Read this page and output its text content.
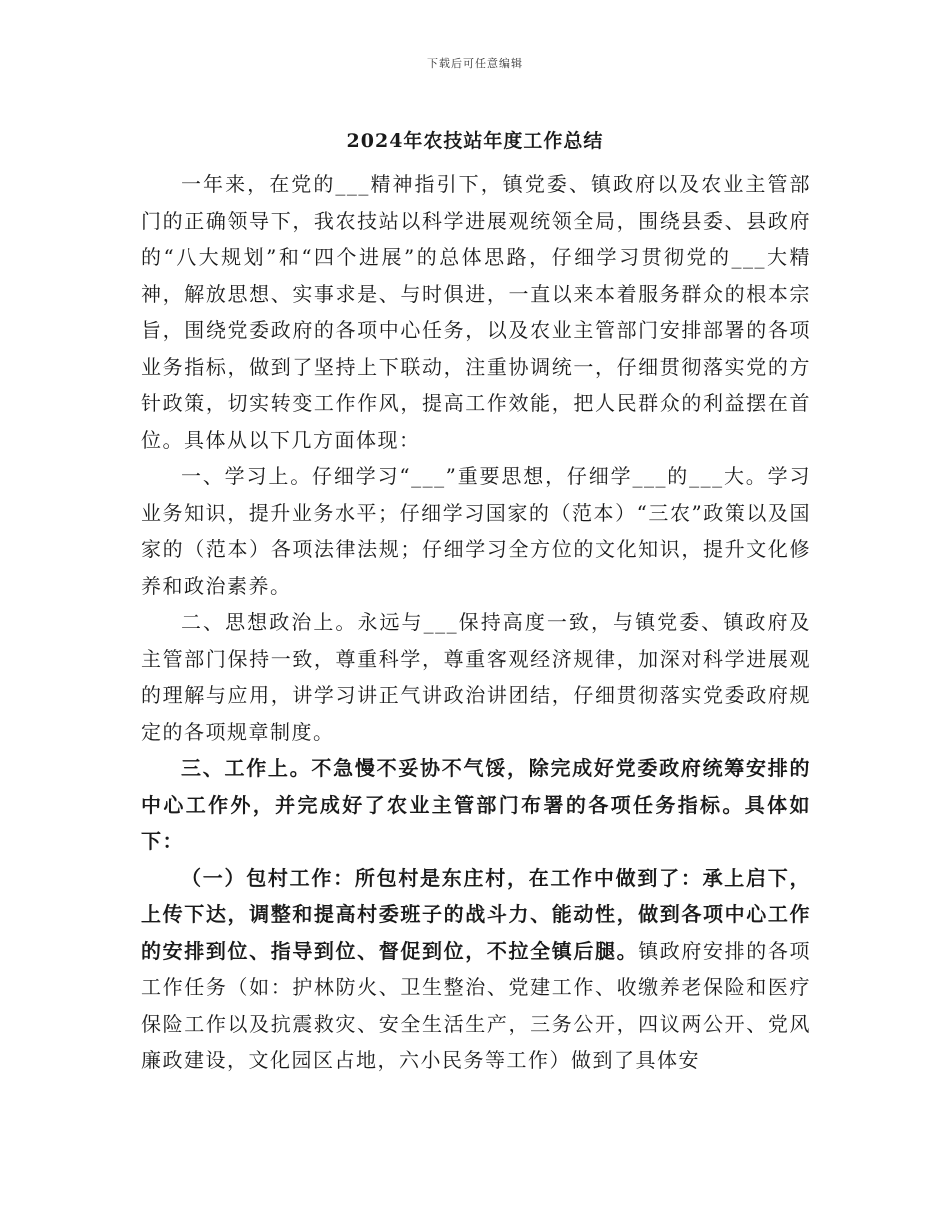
下载后可任意编辑
2024年农技站年度工作总结

一年来，在党的___精神指引下，镇党委、镇政府以及农业主管部门的正确领导下，我农技站以科学进展观统领全局，围绕县委、县政府的“八大规划”和“四个进展”的总体思路，仔细学习贯彻党的___大精神，解放思想、实事求是、与时俱进，一直以来本着服务群众的根本宗旨，围绕党委政府的各项中心任务，以及农业主管部门安排部署的各项业务指标，做到了坚持上下联动，注重协调统一，仔细贯彻落实党的方针政策，切实转变工作作风，提高工作效能，把人民群众的利益摆在首位。具体从以下几方面体现：

一、学习上。仔细学习“___”重要思想，仔细学___的___大。学习业务知识，提升业务水平；仔细学习国家的（范本）“三农”政策以及国家的（范本）各项法律法规；仔细学习全方位的文化知识，提升文化修养和政治素养。

二、思想政治上。永远与___保持高度一致，与镇党委、镇政府及主管部门保持一致，尊重科学，尊重客观经济规律，加深对科学进展观的理解与应用，讲学习讲正气讲政治讲团结，仔细贯彻落实党委政府规定的各项规章制度。

三、工作上。不急慢不妥协不气馁，除完成好党委政府统筹安排的中心工作外，并完成好了农业主管部门布署的各项任务指标。具体如下：

（一）包村工作：所包村是东庄村，在工作中做到了：承上启下，上传下达，调整和提高村委班子的战斗力、能动性，做到各项中心工作的安排到位、指导到位、督促到位，不拉全镇后腿。镇政府安排的各项工作任务（如：护林防火、卫生整治、党建工作、收缴养老保险和医疗保险工作以及抗震救灾、安全生活生产，三务公开，四议两公开、党风廉政建设，文化园区占地，六小民务等工作）做到了具体安
